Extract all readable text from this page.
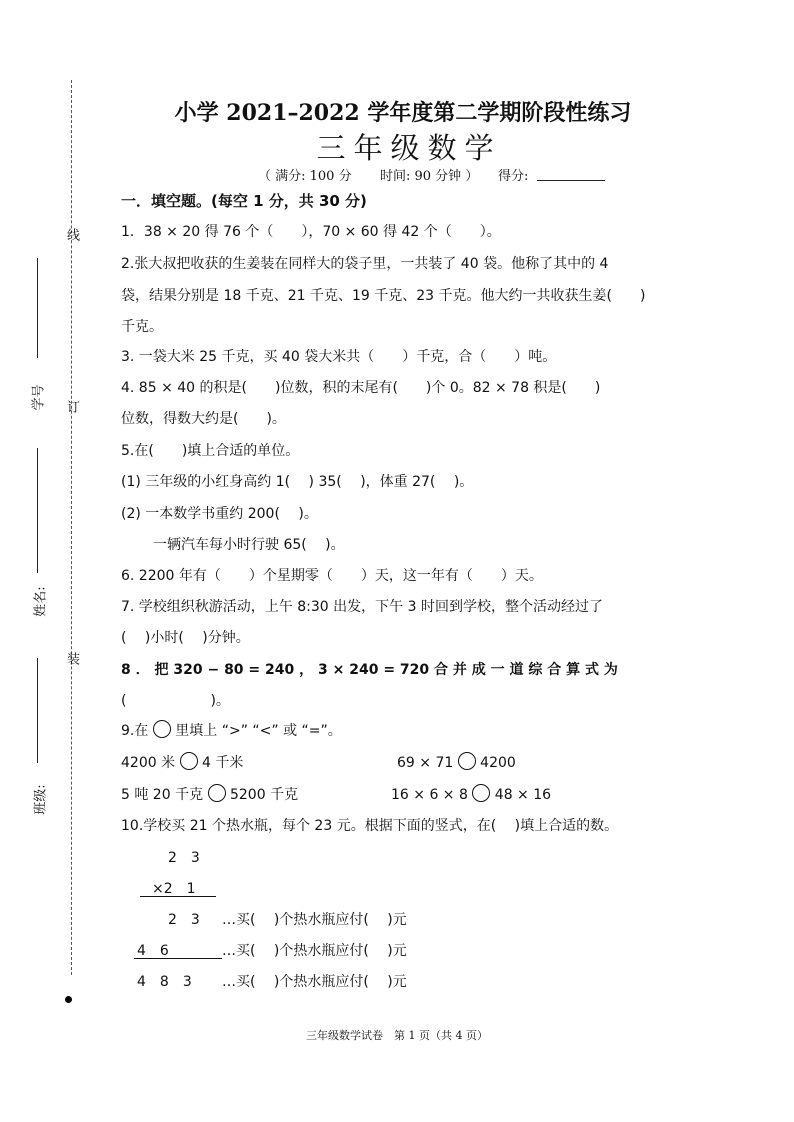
线
订
装
学号
姓名:
班级:
小学 2021–2022 学年度第二学期阶段性练习
三年级数学
（ 满分: 100 分 时间: 90 分钟 ） 得分:
一．填空题。(每空 1 分，共 30 分)
1．38 × 20 得 76 个（　　），70 × 60 得 42 个（　　）。
2.张大叔把收获的生姜装在同样大的袋子里，一共装了 40 袋。他称了其中的 4
袋，结果分别是 18 千克、21 千克、19 千克、23 千克。他大约一共收获生姜(　　)
千克。
3. 一袋大米 25 千克，买 40 袋大米共（　　）千克，合（　　）吨。
4. 85 × 40 的积是(　　)位数，积的末尾有(　　)个 0。82 × 78 积是(　　)
位数，得数大约是(　　)。
5.在(　　)填上合适的单位。
(1) 三年级的小红身高约 1(　 ) 35(　 )，体重 27(　 )。
(2) 一本数学书重约 200(　 )。
一辆汽车每小时行驶 65(　 )。
6. 2200 年有（　　）个星期零（　　）天，这一年有（　　）天。
7. 学校组织秋游活动，上午 8:30 出发，下午 3 时回到学校，整个活动经过了
(　 )小时(　 )分钟。
8 ． 把 320 − 80 = 240 ， 3 × 240 = 720 合 并 成 一 道 综 合 算 式 为
(　　　　　　)。
9.在 里填上 “>” “<” 或 “=”。
4200 米 4 千米	69 × 71 4200
5 吨 20 千克 5200 千克	16 × 6 × 8 48 × 16
10.学校买 21 个热水瓶，每个 23 元。根据下面的竖式，在(　 )填上合适的数。
2　3
×2　1
2　3 …买(　 )个热水瓶应付(　 )元
4　6	…买(　 )个热水瓶应付(　 )元
4　8　3 …买(　 )个热水瓶应付(　 )元
三年级数学试卷　第 1 页（共 4 页）
